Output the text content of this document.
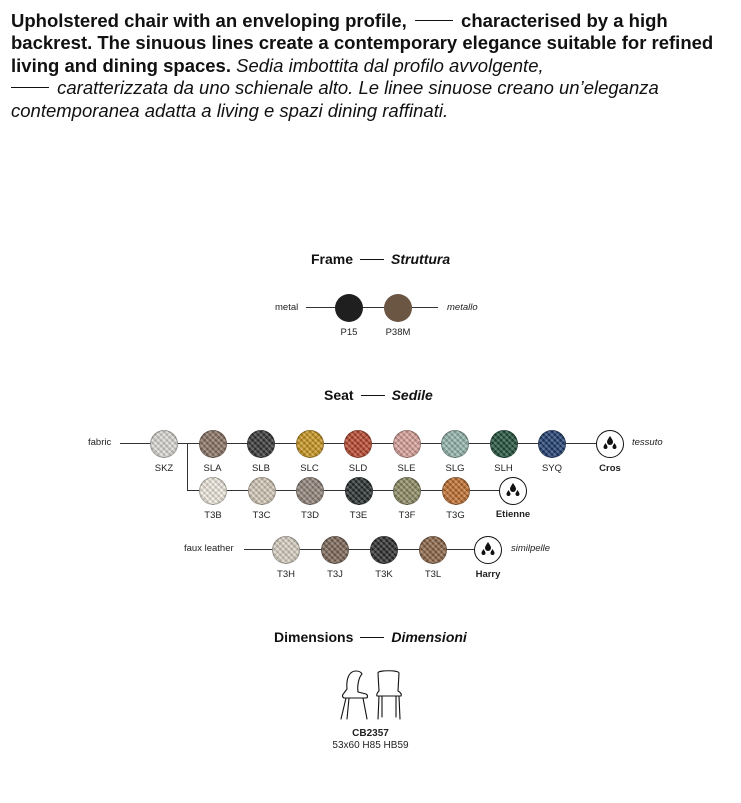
Upholstered chair with an enveloping profile,	characterised by a high backrest. The sinuous lines create a contemporary elegance suitable for refined living and dining spaces. Sedia imbottita dal profilo avvolgente,
caratterizzata da uno schienale alto. Le linee sinuose creano un’eleganza contemporanea adatta a living e spazi dining raffinati.
Frame	Struttura
metal	metallo
P15	P38M
Seat	Sedile
fabric	tessuto
SKZ	SLA	SLB	SLC	SLD	SLE	SLG	SLH	SYQ
T3B	T3C	T3D	T3E	T3F	T3G
Cros
Etienne
faux leather	similpelle
T3H	T3J	T3K	T3L	Harry
Dimensions	Dimensioni
CB2357
53x60 H85 HB59
